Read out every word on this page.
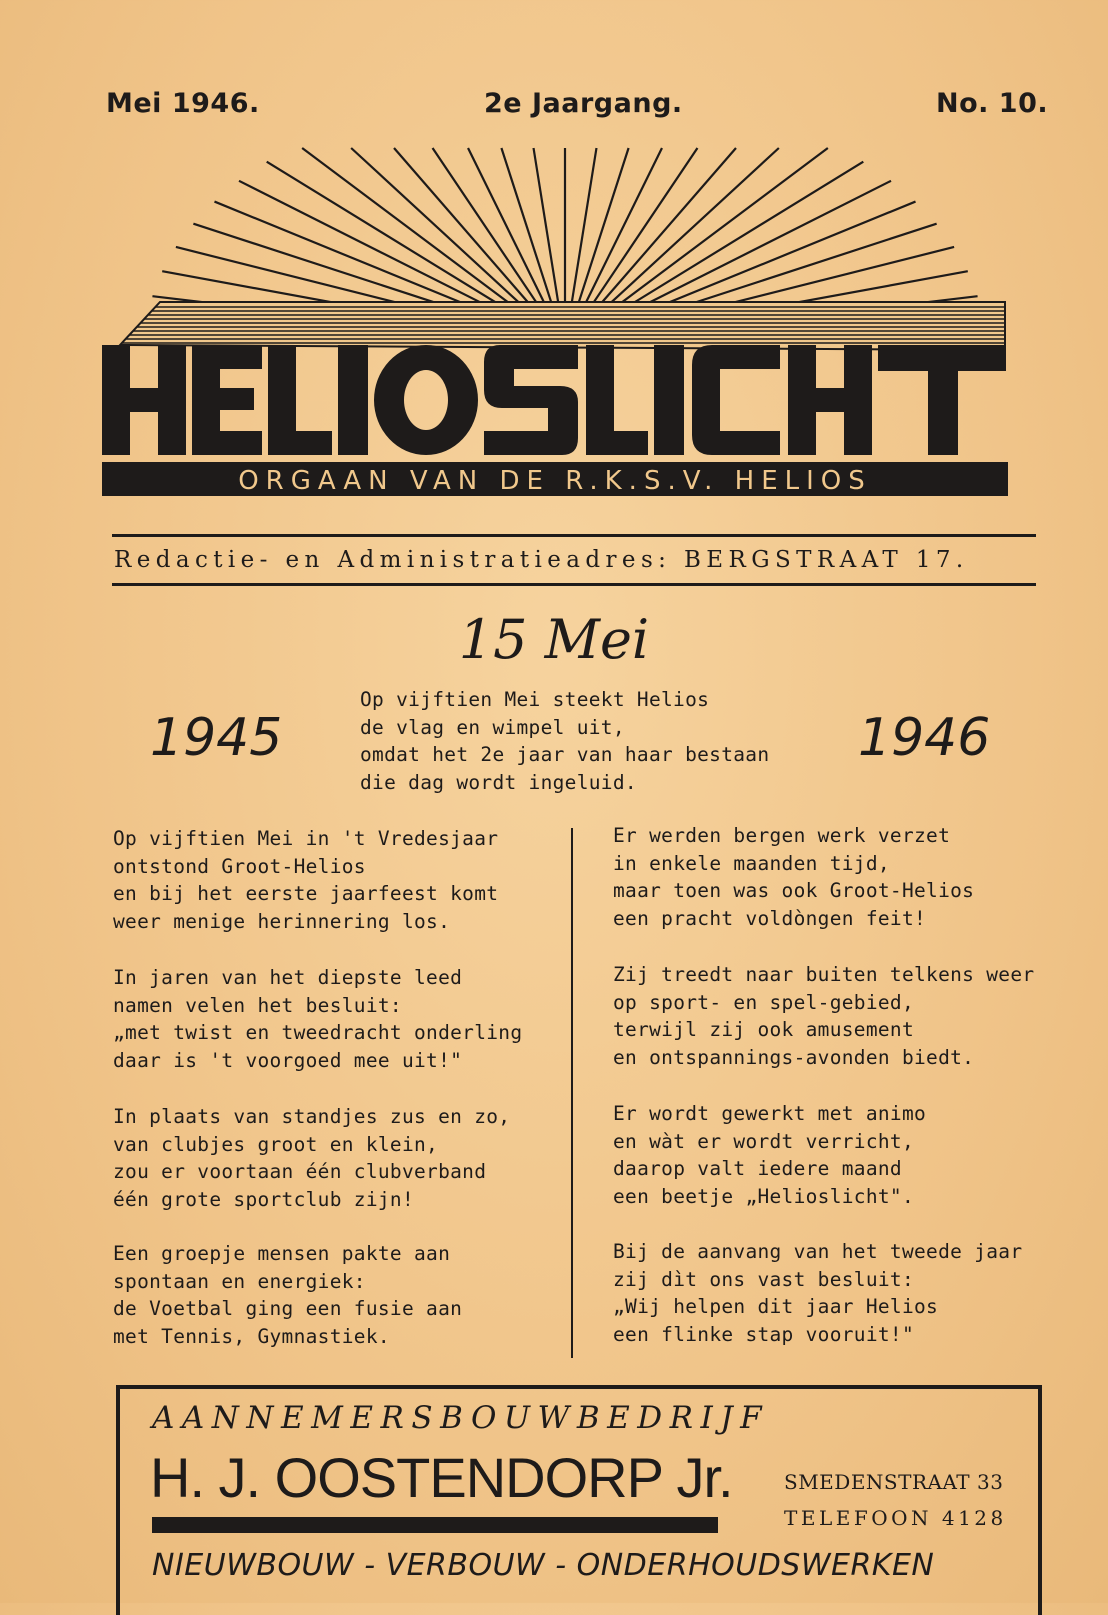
Mei 1946.	2e Jaargang.	No. 10.
ORGAAN VAN DE R.K.S.V. HELIOS
Redactie- en Administratieadres: BERGSTRAAT 17.
15 Mei
1945	1946
Op vijftien Mei steekt Helios
de vlag en wimpel uit,
omdat het 2e jaar van haar bestaan
die dag wordt ingeluid.
Op vijftien Mei in 't Vredesjaar
ontstond Groot-Helios
en bij het eerste jaarfeest komt
weer menige herinnering los.
In jaren van het diepste leed
namen velen het besluit:
„met twist en tweedracht onderling
daar is 't voorgoed mee uit!"
In plaats van standjes zus en zo,
van clubjes groot en klein,
zou er voortaan één clubverband
één grote sportclub zijn!
Een groepje mensen pakte aan
spontaan en energiek:
de Voetbal ging een fusie aan
met Tennis, Gymnastiek.
Er werden bergen werk verzet
in enkele maanden tijd,
maar toen was ook Groot-Helios
een pracht voldòngen feit!
Zij treedt naar buiten telkens weer
op sport- en spel-gebied,
terwijl zij ook amusement
en ontspannings-avonden biedt.
Er wordt gewerkt met animo
en wàt er wordt verricht,
daarop valt iedere maand
een beetje „Helioslicht".
Bij de aanvang van het tweede jaar
zij dìt ons vast besluit:
„Wij helpen dit jaar Helios
een flinke stap vooruit!"
AANNEMERSBOUWBEDRIJF
H. J. OOSTENDORP Jr.	SMEDENSTRAAT 33
TELEFOON 4128
NIEUWBOUW - VERBOUW - ONDERHOUDSWERKEN
